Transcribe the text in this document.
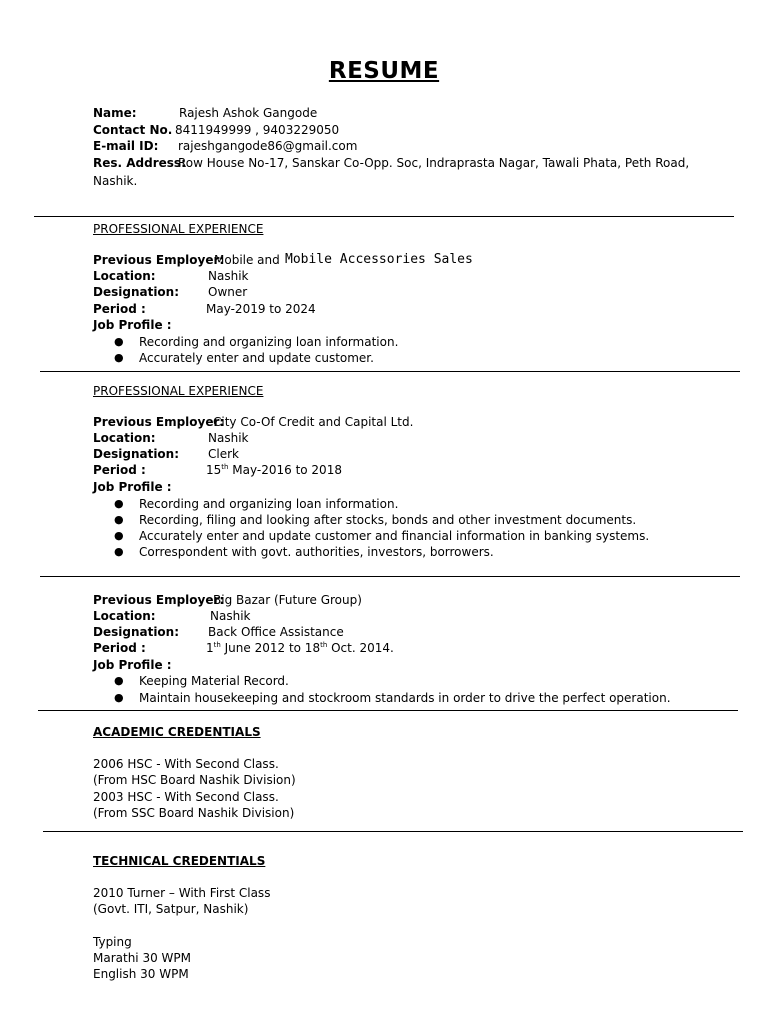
RESUME
Name:	Rajesh Ashok Gangode
Contact No. 8411949999 , 9403229050
E-mail ID: rajeshgangode86@gmail.com
Res. Address:
Row House No-17, Sanskar Co-Opp. Soc, Indraprasta Nagar, Tawali Phata, Peth Road,
Nashik.
PROFESSIONAL EXPERIENCE
Previous Employer:
Mobile and Mobile Accessories Sales
Location:	Nashik
Designation: Owner
Period :	May-2019 to 2024
Job Profile :
● Recording and organizing loan information.
● Accurately enter and update customer.
PROFESSIONAL EXPERIENCE
Previous Employer:
City Co-Of Credit and Capital Ltd.
Location:	Nashik
Designation: Clerk
Period :	15th May-2016 to 2018
Job Profile :
● Recording and organizing loan information.
● Recording, filing and looking after stocks, bonds and other investment documents.
● Accurately enter and update customer and financial information in banking systems.
● Correspondent with govt. authorities, investors, borrowers.
Previous Employer:
Big Bazar (Future Group)
Location:	Nashik
Designation: Back Office Assistance
Period :	1th June 2012 to 18th Oct. 2014.
Job Profile :
● Keeping Material Record.
● Maintain housekeeping and stockroom standards in order to drive the perfect operation.
ACADEMIC CREDENTIALS
2006 HSC - With Second Class.
(From HSC Board Nashik Division)
2003 HSC - With Second Class.
(From SSC Board Nashik Division)
TECHNICAL CREDENTIALS
2010 Turner – With First Class
(Govt. ITI, Satpur, Nashik)
Typing
Marathi 30 WPM
English 30 WPM
